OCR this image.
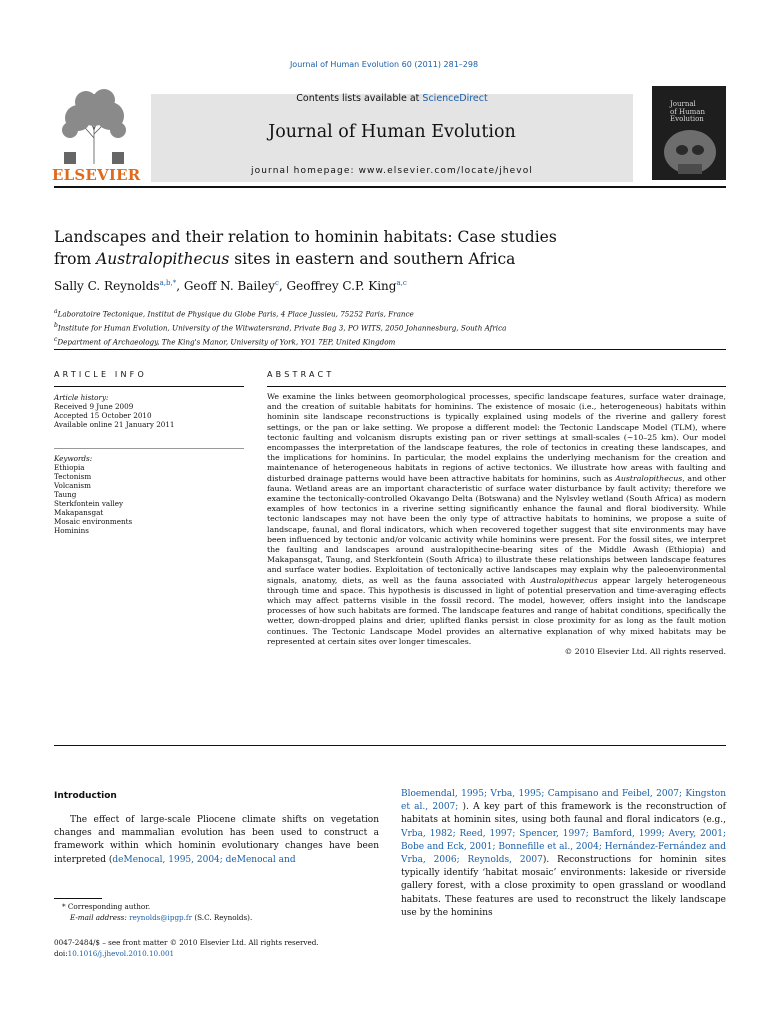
Journal of Human Evolution 60 (2011) 281–298
ELSEVIER
Contents lists available at ScienceDirect
Journal of Human Evolution
journal homepage: www.elsevier.com/locate/jhevol
Journal
of Human
Evolution
Landscapes and their relation to hominin habitats: Case studies
from Australopithecus sites in eastern and southern Africa
Sally C. Reynolds$^{a,b,*}$, Geoff N. Bailey$^c$, Geoffrey C.P. King$^{a,c}$
$^a$Laboratoire Tectonique, Institut de Physique du Globe Paris, 4 Place Jussieu, 75252 Paris, France
$^b$Institute for Human Evolution, University of the Witwatersrand, Private Bag 3, PO WITS, 2050 Johannesburg, South Africa
$^c$Department of Archaeology, The King's Manor, University of York, YO1 7EP, United Kingdom
ARTICLE INFO
Article history:
Received 9 June 2009
Accepted 15 October 2010
Available online 21 January 2011
Keywords:
Ethiopia
Tectonism
Volcanism
Taung
Sterkfontein valley
Makapansgat
Mosaic environments
Hominins
ABSTRACT
We examine the links between geomorphological processes, specific landscape features, surface water drainage, and the creation of suitable habitats for hominins. The existence of mosaic (i.e., heterogeneous) habitats within hominin site landscape reconstructions is typically explained using models of the riverine and gallery forest settings, or the pan or lake setting. We propose a different model: the Tectonic Landscape Model (TLM), where tectonic faulting and volcanism disrupts existing pan or river settings at small-scales (~10–25 km). Our model encompasses the interpretation of the landscape features, the role of tectonics in creating these landscapes, and the implications for hominins. In particular, the model explains the underlying mechanism for the creation and maintenance of heterogeneous habitats in regions of active tectonics. We illustrate how areas with faulting and disturbed drainage patterns would have been attractive habitats for hominins, such as Australopithecus, and other fauna. Wetland areas are an important characteristic of surface water disturbance by fault activity; therefore we examine the tectonically-controlled Okavango Delta (Botswana) and the Nylsvley wetland (South Africa) as modern examples of how tectonics in a riverine setting significantly enhance the faunal and floral biodiversity. While tectonic landscapes may not have been the only type of attractive habitats to hominins, we propose a suite of landscape, faunal, and floral indicators, which when recovered together suggest that site environments may have been influenced by tectonic and/or volcanic activity while hominins were present. For the fossil sites, we interpret the faulting and landscapes around australopithecine-bearing sites of the Middle Awash (Ethiopia) and Makapansgat, Taung, and Sterkfontein (South Africa) to illustrate these relationships between landscape features and surface water bodies. Exploitation of tectonically active landscapes may explain why the paleoenvironmental signals, anatomy, diets, as well as the fauna associated with Australopithecus appear largely heterogeneous through time and space. This hypothesis is discussed in light of potential preservation and time-averaging effects which may affect patterns visible in the fossil record. The model, however, offers insight into the landscape processes of how such habitats are formed. The landscape features and range of habitat conditions, specifically the wetter, down-dropped plains and drier, uplifted flanks persist in close proximity for as long as the fault motion continues. The Tectonic Landscape Model provides an alternative explanation of why mixed habitats may be represented at certain sites over longer timescales.
© 2010 Elsevier Ltd. All rights reserved.
Introduction
The effect of large-scale Pliocene climate shifts on vegetation changes and mammalian evolution has been used to construct a framework within which hominin evolutionary changes have been interpreted (deMenocal, 1995, 2004; deMenocal and
Bloemendal, 1995; Vrba, 1995; Campisano and Feibel, 2007; Kingston et al., 2007; ). A key part of this framework is the reconstruction of habitats at hominin sites, using both faunal and floral indicators (e.g., Vrba, 1982; Reed, 1997; Spencer, 1997; Bamford, 1999; Avery, 2001; Bobe and Eck, 2001; Bonnefille et al., 2004; Hernández-Fernández and Vrba, 2006; Reynolds, 2007). Reconstructions for hominin sites typically identify ‘habitat mosaic’ environments: lakeside or riverside gallery forest, with a close proximity to open grassland or woodland habitats. These features are used to reconstruct the likely landscape use by the hominins
* Corresponding author.
E-mail address: reynolds@ipgp.fr (S.C. Reynolds).
0047-2484/$ – see front matter © 2010 Elsevier Ltd. All rights reserved.
doi:10.1016/j.jhevol.2010.10.001
